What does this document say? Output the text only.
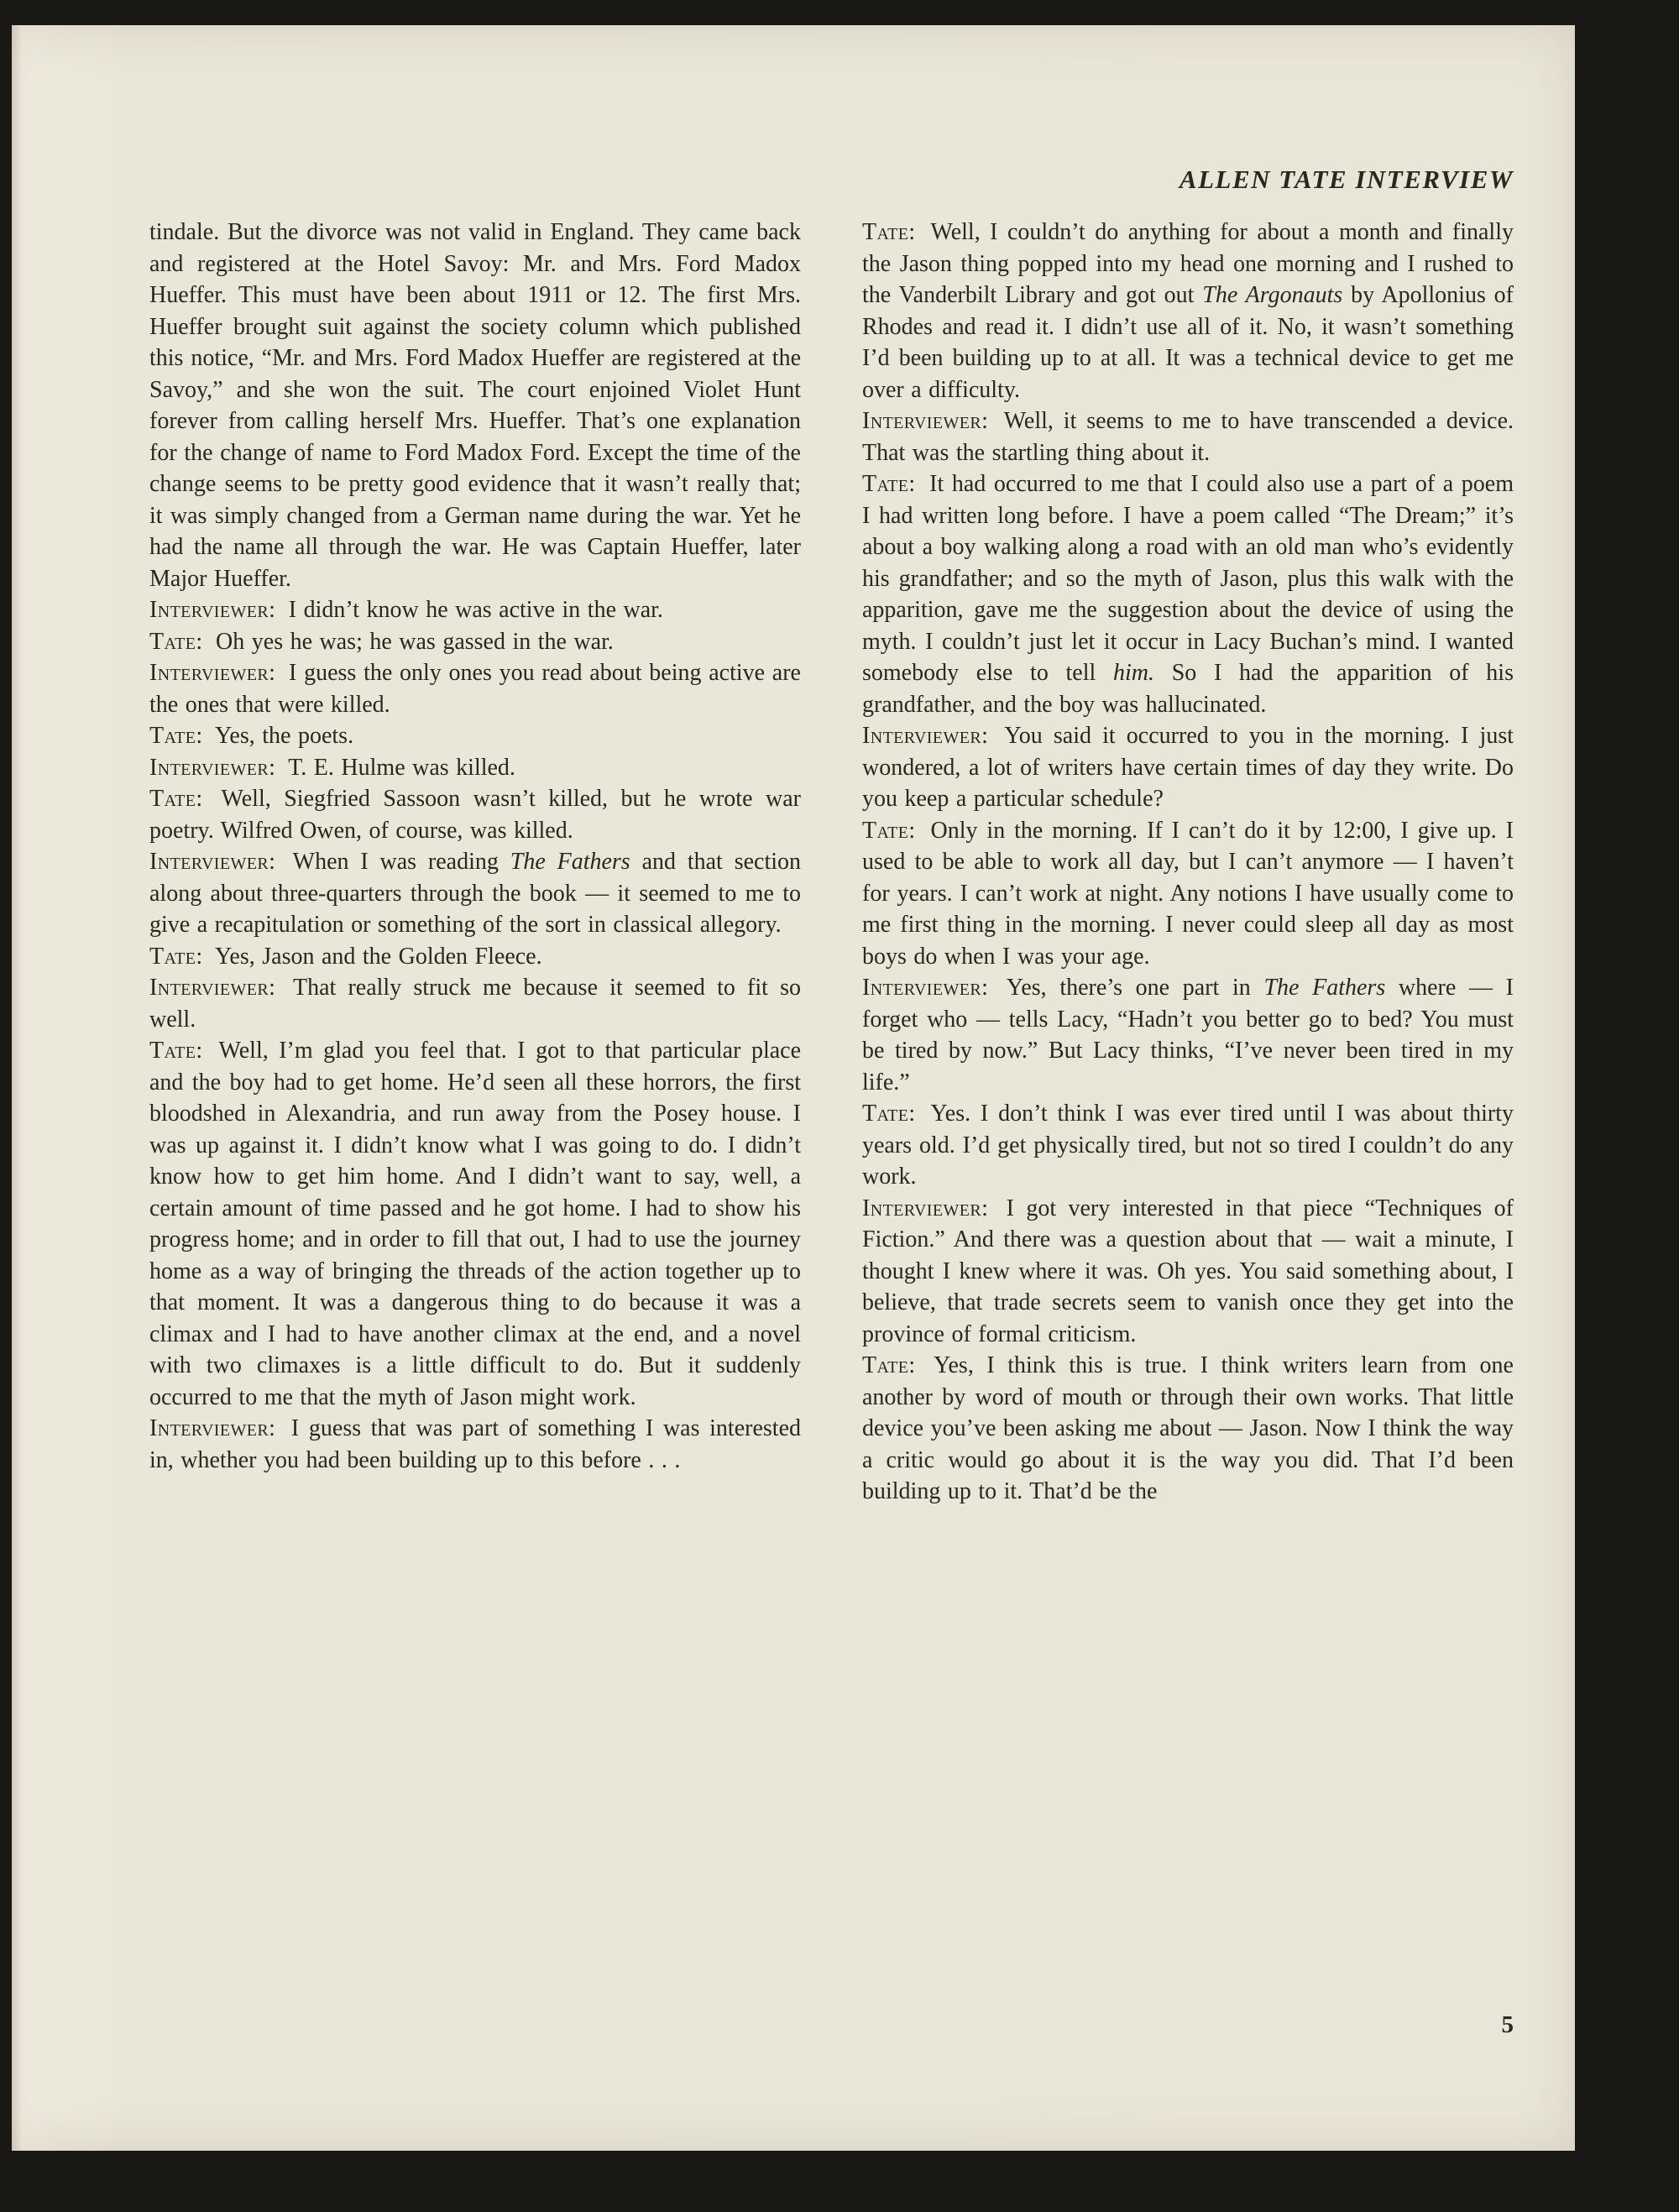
ALLEN TATE INTERVIEW

tindale. But the divorce was not valid in England. They came back and registered at the Hotel Savoy: Mr. and Mrs. Ford Madox Hueffer. This must have been about 1911 or 12. The first Mrs. Hueffer brought suit against the society column which published this notice, “Mr. and Mrs. Ford Madox Hueffer are registered at the Savoy,” and she won the suit. The court enjoined Violet Hunt forever from calling herself Mrs. Hueffer. That’s one explanation for the change of name to Ford Madox Ford. Except the time of the change seems to be pretty good evidence that it wasn’t really that; it was simply changed from a German name during the war. Yet he had the name all through the war. He was Captain Hueffer, later Major Hueffer.

Interviewer: I didn’t know he was active in the war.

Tate: Oh yes he was; he was gassed in the war.

Interviewer: I guess the only ones you read about being active are the ones that were killed.

Tate: Yes, the poets.

Interviewer: T. E. Hulme was killed.

Tate: Well, Siegfried Sassoon wasn’t killed, but he wrote war poetry. Wilfred Owen, of course, was killed.

Interviewer: When I was reading The Fathers and that section along about three-quarters through the book — it seemed to me to give a recapitulation or something of the sort in classical allegory.

Tate: Yes, Jason and the Golden Fleece.

Interviewer: That really struck me because it seemed to fit so well.

Tate: Well, I’m glad you feel that. I got to that particular place and the boy had to get home. He’d seen all these horrors, the first bloodshed in Alexandria, and run away from the Posey house. I was up against it. I didn’t know what I was going to do. I didn’t know how to get him home. And I didn’t want to say, well, a certain amount of time passed and he got home. I had to show his progress home; and in order to fill that out, I had to use the journey home as a way of bringing the threads of the action together up to that moment. It was a dangerous thing to do because it was a climax and I had to have another climax at the end, and a novel with two climaxes is a little difficult to do. But it suddenly occurred to me that the myth of Jason might work.

Interviewer: I guess that was part of something I was interested in, whether you had been building up to this before . . .

Tate: Well, I couldn’t do anything for about a month and finally the Jason thing popped into my head one morning and I rushed to the Vanderbilt Library and got out The Argonauts by Apollonius of Rhodes and read it. I didn’t use all of it. No, it wasn’t something I’d been building up to at all. It was a technical device to get me over a difficulty.

Interviewer: Well, it seems to me to have transcended a device. That was the startling thing about it.

Tate: It had occurred to me that I could also use a part of a poem I had written long before. I have a poem called “The Dream;” it’s about a boy walking along a road with an old man who’s evidently his grandfather; and so the myth of Jason, plus this walk with the apparition, gave me the suggestion about the device of using the myth. I couldn’t just let it occur in Lacy Buchan’s mind. I wanted somebody else to tell him. So I had the apparition of his grandfather, and the boy was hallucinated.

Interviewer: You said it occurred to you in the morning. I just wondered, a lot of writers have certain times of day they write. Do you keep a particular schedule?

Tate: Only in the morning. If I can’t do it by 12:00, I give up. I used to be able to work all day, but I can’t anymore — I haven’t for years. I can’t work at night. Any notions I have usually come to me first thing in the morning. I never could sleep all day as most boys do when I was your age.

Interviewer: Yes, there’s one part in The Fathers where — I forget who — tells Lacy, “Hadn’t you better go to bed? You must be tired by now.” But Lacy thinks, “I’ve never been tired in my life.”

Tate: Yes. I don’t think I was ever tired until I was about thirty years old. I’d get physically tired, but not so tired I couldn’t do any work.

Interviewer: I got very interested in that piece “Techniques of Fiction.” And there was a question about that — wait a minute, I thought I knew where it was. Oh yes. You said something about, I believe, that trade secrets seem to vanish once they get into the province of formal criticism.

Tate: Yes, I think this is true. I think writers learn from one another by word of mouth or through their own works. That little device you’ve been asking me about — Jason. Now I think the way a critic would go about it is the way you did. That I’d been building up to it. That’d be the

5
